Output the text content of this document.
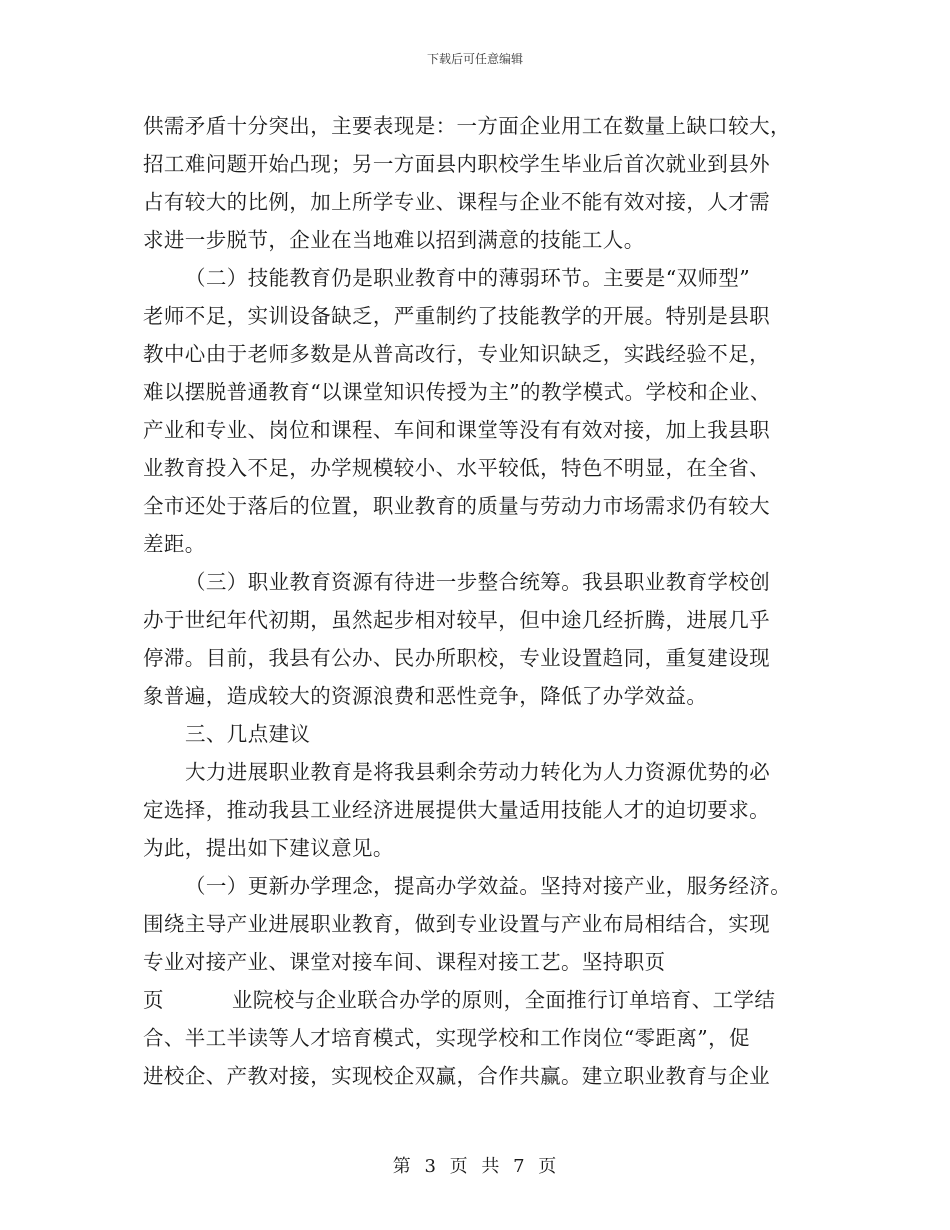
下载后可任意编辑
供需矛盾十分突出，主要表现是：一方面企业用工在数量上缺口较大，
招工难问题开始凸现；另一方面县内职校学生毕业后首次就业到县外
占有较大的比例，加上所学专业、课程与企业不能有效对接，人才需
求进一步脱节，企业在当地难以招到满意的技能工人。
（二）技能教育仍是职业教育中的薄弱环节。主要是“双师型”
老师不足，实训设备缺乏，严重制约了技能教学的开展。特别是县职
教中心由于老师多数是从普高改行，专业知识缺乏，实践经验不足，
难以摆脱普通教育“以课堂知识传授为主”的教学模式。学校和企业、
产业和专业、岗位和课程、车间和课堂等没有有效对接，加上我县职
业教育投入不足，办学规模较小、水平较低，特色不明显，在全省、
全市还处于落后的位置，职业教育的质量与劳动力市场需求仍有较大
差距。
（三）职业教育资源有待进一步整合统筹。我县职业教育学校创
办于世纪年代初期，虽然起步相对较早，但中途几经折腾，进展几乎
停滞。目前，我县有公办、民办所职校，专业设置趋同，重复建设现
象普遍，造成较大的资源浪费和恶性竞争，降低了办学效益。
三、几点建议
大力进展职业教育是将我县剩余劳动力转化为人力资源优势的必
定选择，推动我县工业经济进展提供大量适用技能人才的迫切要求。
为此，提出如下建议意见。
（一）更新办学理念，提高办学效益。坚持对接产业，服务经济。
围绕主导产业进展职业教育，做到专业设置与产业布局相结合，实现
专业对接产业、课堂对接车间、课程对接工艺。坚持职页
页	业院校与企业联合办学的原则，全面推行订单培育、工学结
合、半工半读等人才培育模式，实现学校和工作岗位“零距离”，促
进校企、产教对接，实现校企双赢，合作共赢。建立职业教育与企业
第 3 页 共 7 页
